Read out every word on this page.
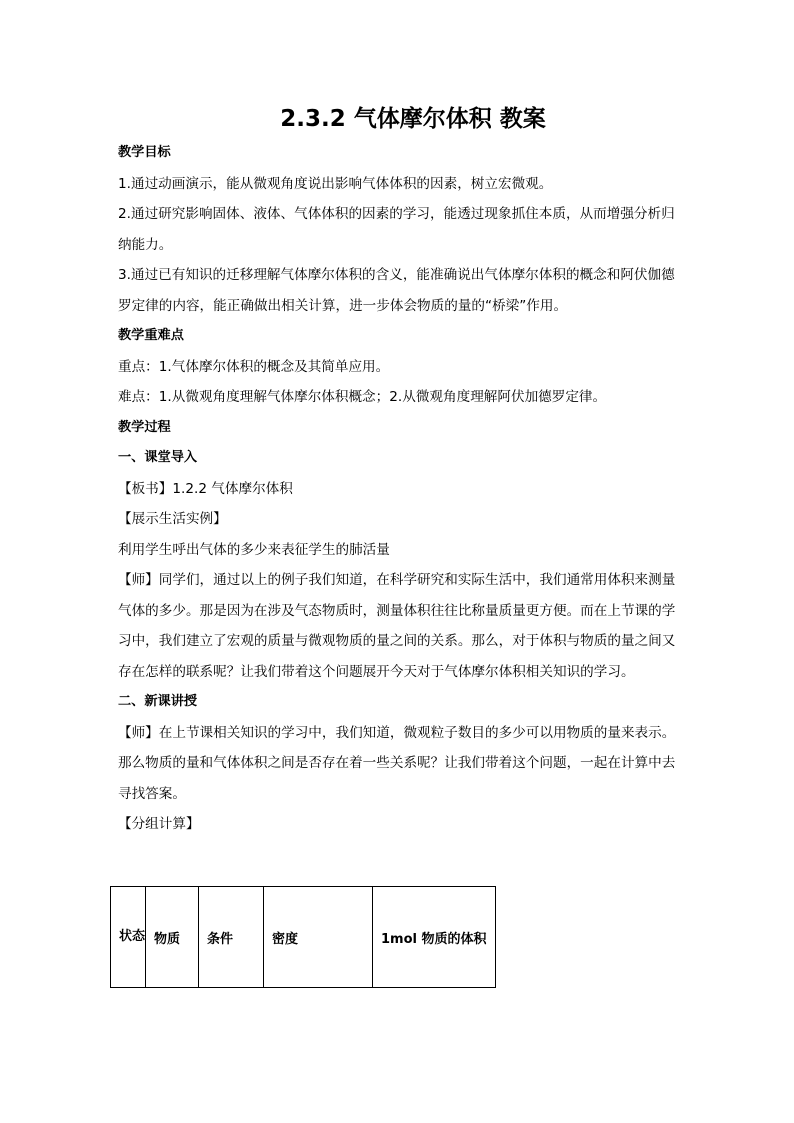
2.3.2 气体摩尔体积 教案

教学目标

1.通过动画演示，能从微观角度说出影响气体体积的因素，树立宏微观。

2.通过研究影响固体、液体、气体体积的因素的学习，能透过现象抓住本质，从而增强分析归纳能力。

3.通过已有知识的迁移理解气体摩尔体积的含义，能准确说出气体摩尔体积的概念和阿伏伽德罗定律的内容，能正确做出相关计算，进一步体会物质的量的“桥梁”作用。

教学重难点

重点：1.气体摩尔体积的概念及其简单应用。

难点：1.从微观角度理解气体摩尔体积概念；2.从微观角度理解阿伏加德罗定律。

教学过程

一、课堂导入

【板书】1.2.2 气体摩尔体积

【展示生活实例】

利用学生呼出气体的多少来表征学生的肺活量

【师】同学们，通过以上的例子我们知道，在科学研究和实际生活中，我们通常用体积来测量气体的多少。那是因为在涉及气态物质时，测量体积往往比称量质量更方便。而在上节课的学习中，我们建立了宏观的质量与微观物质的量之间的关系。那么，对于体积与物质的量之间又存在怎样的联系呢？让我们带着这个问题展开今天对于气体摩尔体积相关知识的学习。

二、新课讲授

【师】在上节课相关知识的学习中，我们知道，微观粒子数目的多少可以用物质的量来表示。那么物质的量和气体体积之间是否存在着一些关系呢？让我们带着这个问题，一起在计算中去寻找答案。

【分组计算】

状态	物质	条件	密度	1mol 物质的体积
